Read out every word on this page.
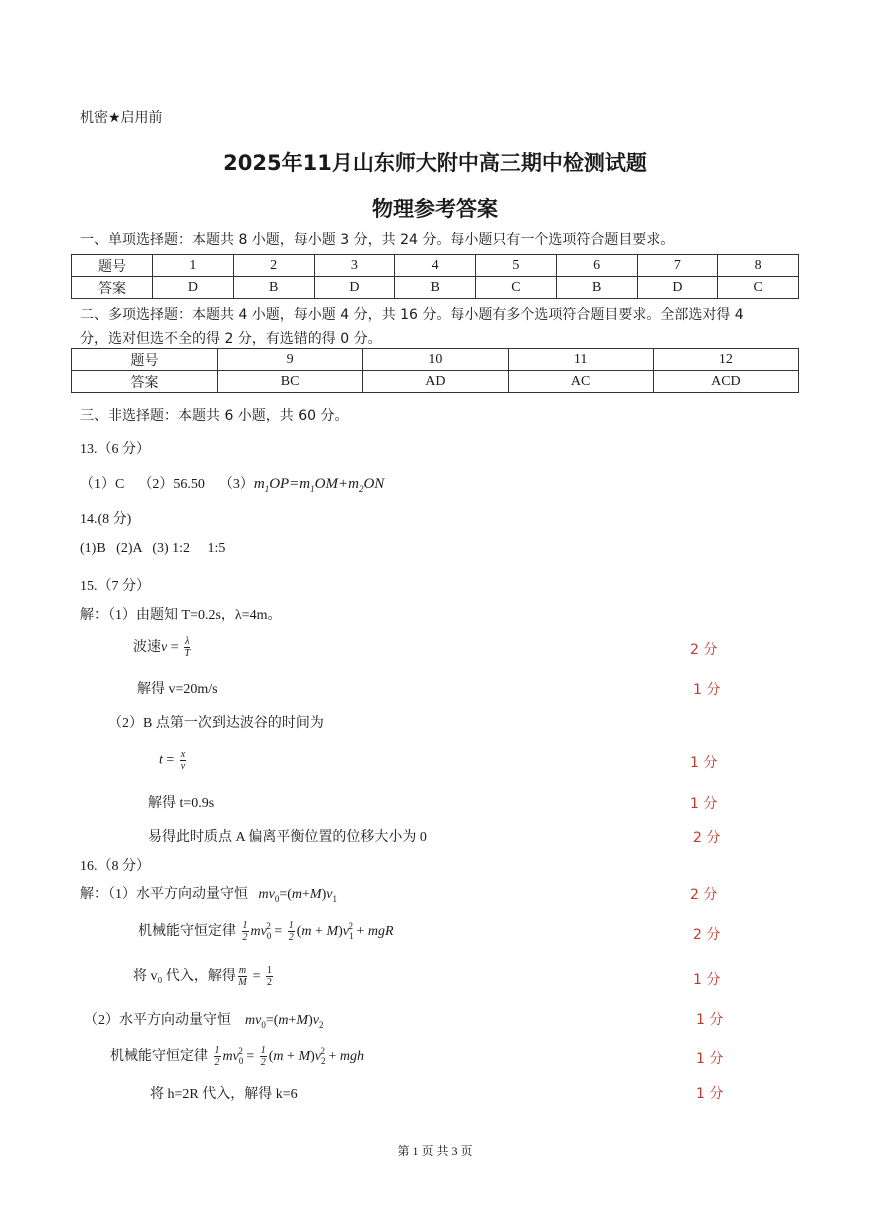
机密★启用前
2025年11月山东师大附中高三期中检测试题
物理参考答案
一、单项选择题：本题共 8 小题，每小题 3 分，共 24 分。每小题只有一个选项符合题目要求。
题号	1	2	3	4	5	6	7	8
答案	D	B	D	B	C	B	D	C
二、多项选择题：本题共 4 小题，每小题 4 分，共 16 分。每小题有多个选项符合题目要求。全部选对得 4
分，选对但选不全的得 2 分，有选错的得 0 分。
题号	9	10	11	12
答案	BC	AD	AC	ACD
三、非选择题：本题共 6 小题，共 60 分。
13.（6 分）
（1）C （2）56.50 $(3)m_1OP=m_1OM+m_2ON$
14.(8 分)
(1)B   (2)A   (3) 1:2     1:5
15.（7 分）
解：（1）由题知 T=0.2s，λ=4m。
波速$v = \frac{\lambda}{T}$	2 分
解得 v=20m/s	1 分
（2）B 点第一次到达波谷的时间为
$t = \frac{x}{v}$	1 分
解得 t=0.9s	1 分
易得此时质点 A 偏离平衡位置的位移大小为 0	2 分
16.（8 分）
解：（1）水平方向动量守恒 $mv_0=(m+M)v_1$	2 分
机械能守恒定律 $\frac{1}{2} mv_0^2 = \frac{1}{2} (m + M)v_1^2$ + mgR	2 分
将 v₀ 代入，解得 $\frac{m}{M} = \frac{1}{2}$	1 分
（2）水平方向动量守恒 $mv_0=(m+M)v_2$	1 分
机械能守恒定律 $\frac{1}{2} mv_0^2 = \frac{1}{2} (m + M)v_2^2$ + mgh	1 分
将 h=2R 代入，解得 k=6	1 分
第 1 页 共 3 页
